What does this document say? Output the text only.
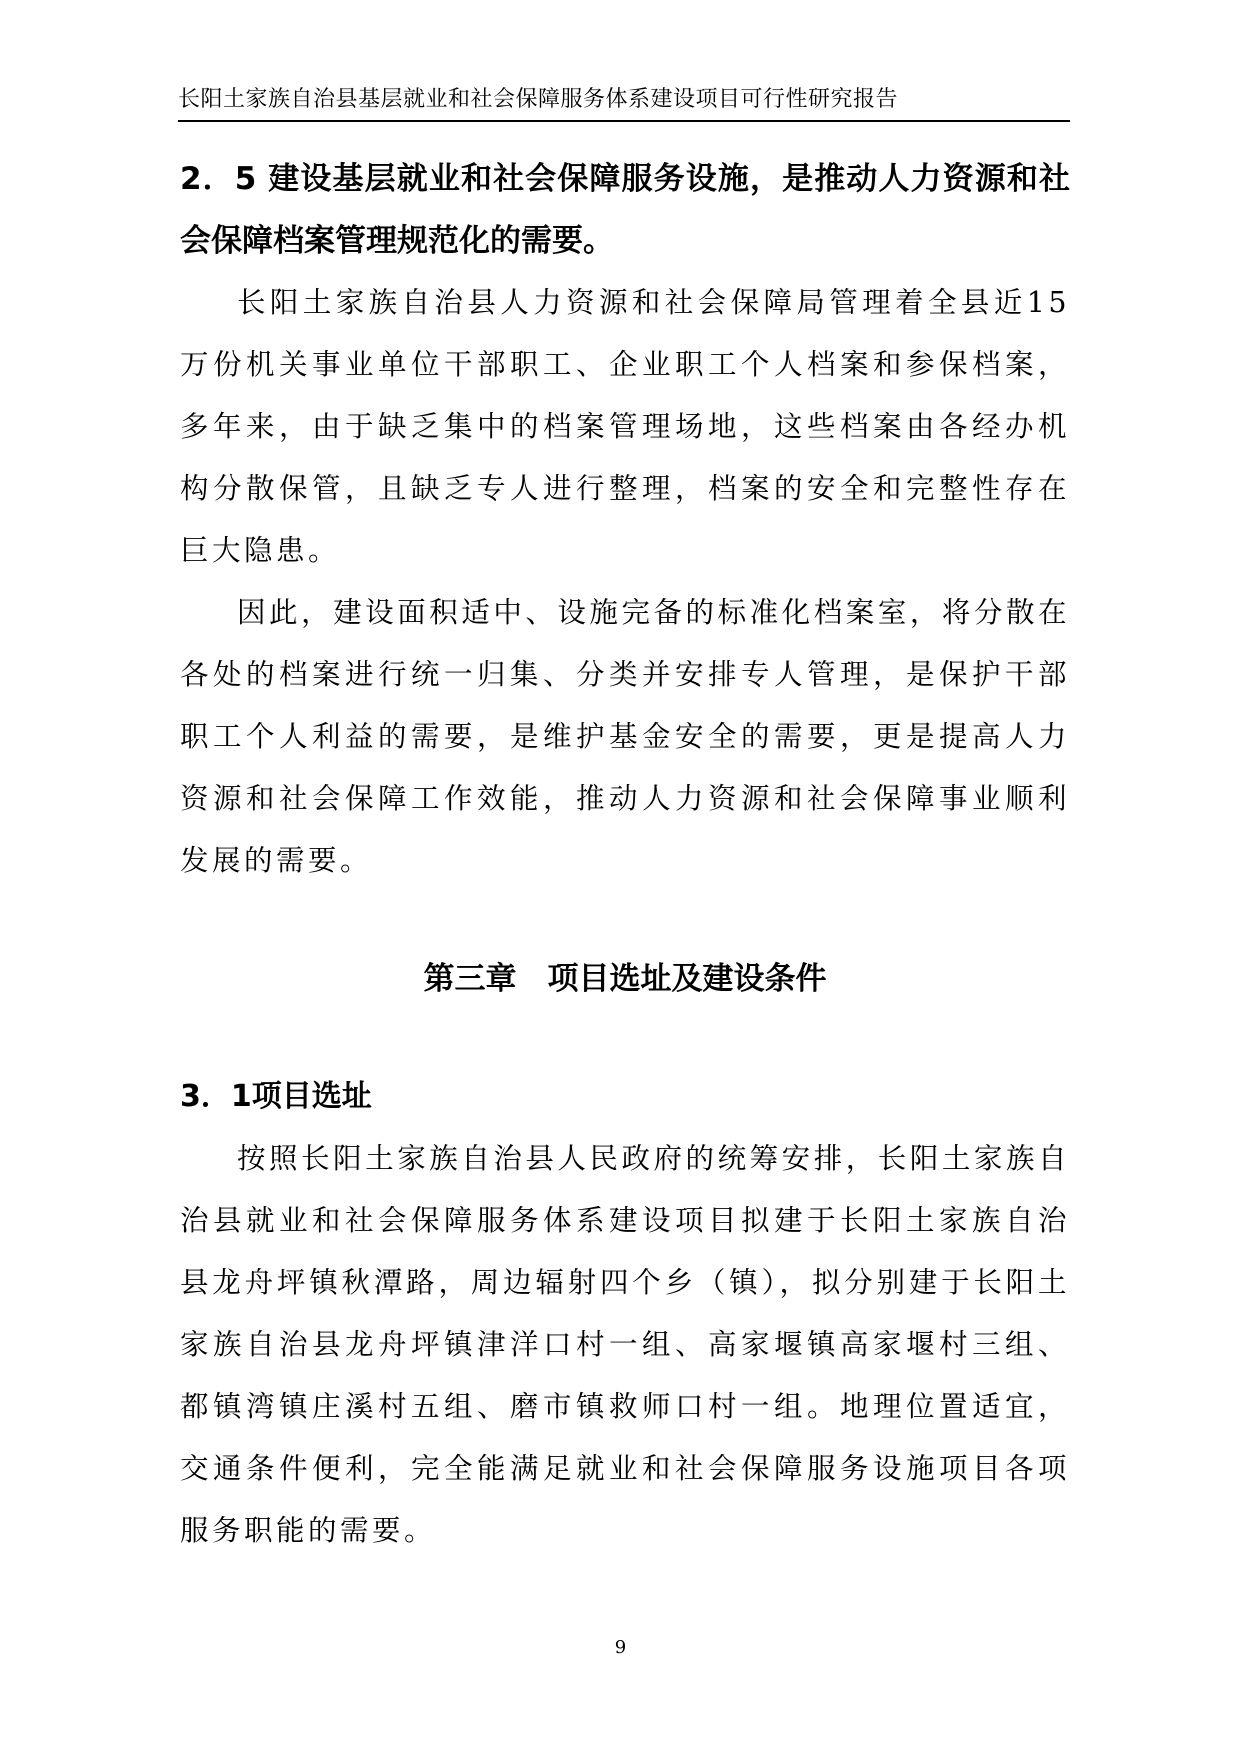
长阳土家族自治县基层就业和社会保障服务体系建设项目可行性研究报告

2．5 建设基层就业和社会保障服务设施，是推动人力资源和社会保障档案管理规范化的需要。

长阳土家族自治县人力资源和社会保障局管理着全县近15万份机关事业单位干部职工、企业职工个人档案和参保档案，多年来，由于缺乏集中的档案管理场地，这些档案由各经办机构分散保管，且缺乏专人进行整理，档案的安全和完整性存在巨大隐患。

因此，建设面积适中、设施完备的标准化档案室，将分散在各处的档案进行统一归集、分类并安排专人管理，是保护干部职工个人利益的需要，是维护基金安全的需要，更是提高人力资源和社会保障工作效能，推动人力资源和社会保障事业顺利发展的需要。

第三章　项目选址及建设条件

3．1项目选址

按照长阳土家族自治县人民政府的统筹安排，长阳土家族自治县就业和社会保障服务体系建设项目拟建于长阳土家族自治县龙舟坪镇秋潭路，周边辐射四个乡（镇），拟分别建于长阳土家族自治县龙舟坪镇津洋口村一组、高家堰镇高家堰村三组、都镇湾镇庄溪村五组、磨市镇救师口村一组。地理位置适宜，交通条件便利，完全能满足就业和社会保障服务设施项目各项服务职能的需要。

9
